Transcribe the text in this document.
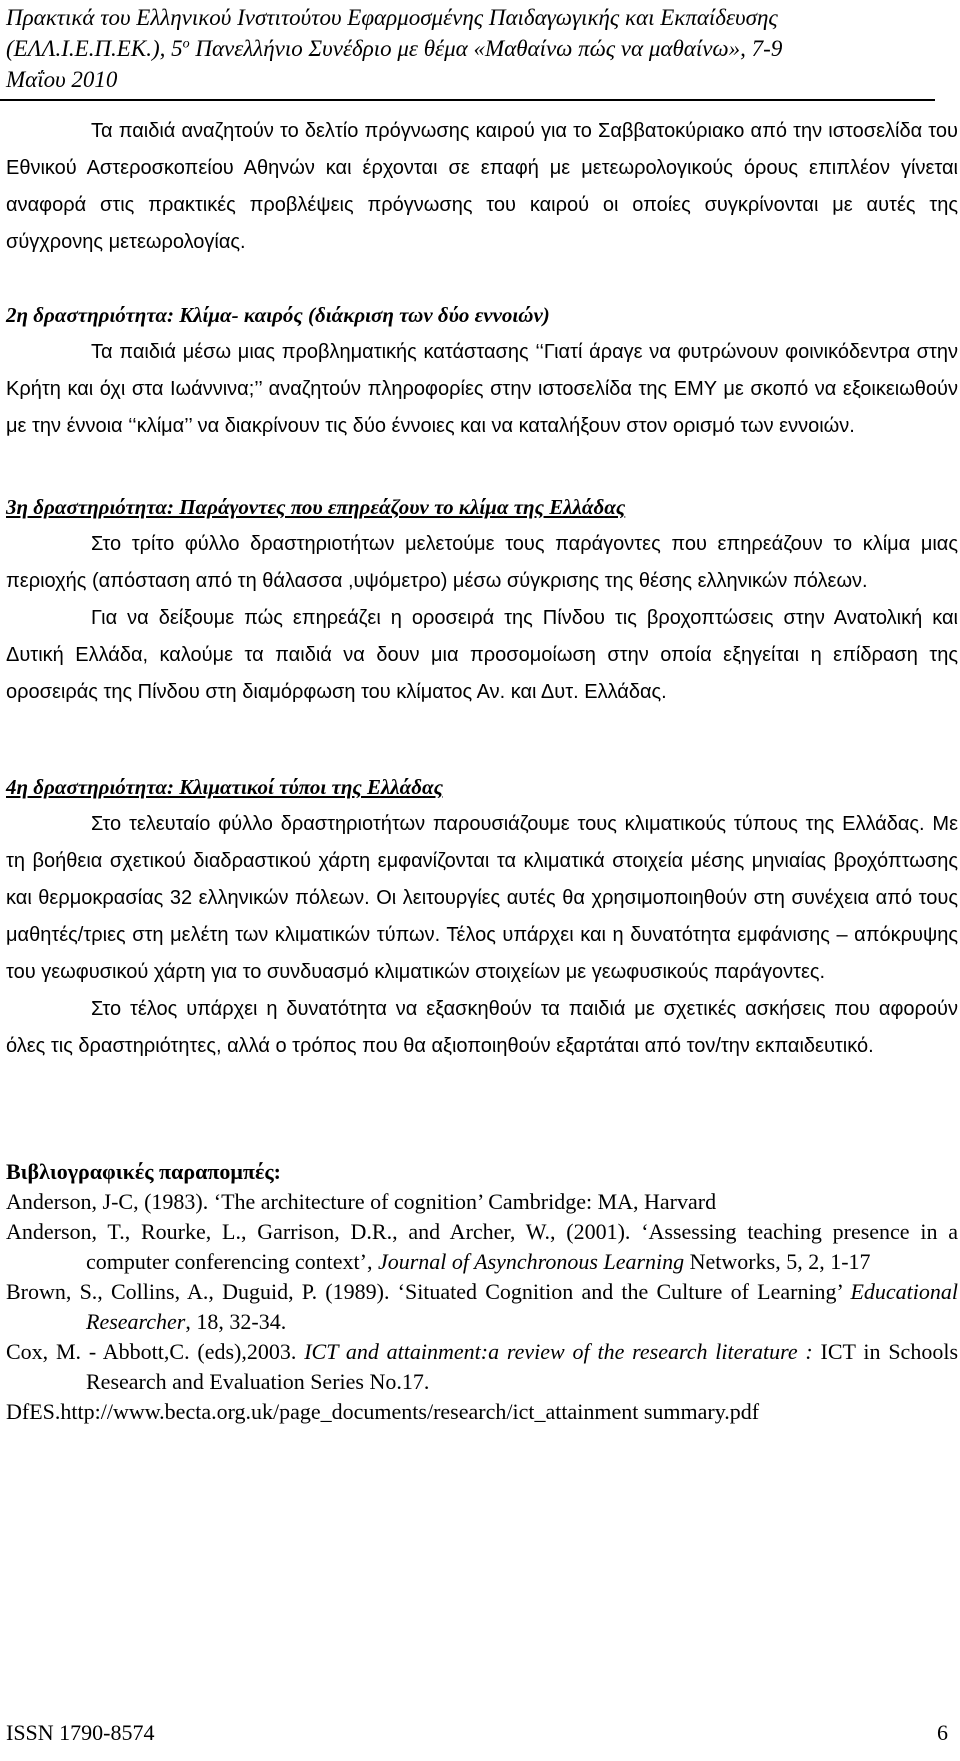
Πρακτικά του Ελληνικού Ινστιτούτου Εφαρμοσμένης Παιδαγωγικής και Εκπαίδευσης
(ΕΛΛ.Ι.Ε.Π.ΕΚ.), $5^o$ Πανελλήνιο Συνέδριο με θέμα «Μαθαίνω πώς να μαθαίνω», 7-9
Μαΐου 2010

Τα παιδιά αναζητούν το δελτίο πρόγνωσης καιρού για το Σαββατοκύριακο από την ιστοσελίδα του Εθνικού Αστεροσκοπείου Αθηνών και έρχονται σε επαφή με μετεωρολογικούς όρους επιπλέον γίνεται αναφορά στις πρακτικές προβλέψεις πρόγνωσης του καιρού οι οποίες συγκρίνονται με αυτές της σύγχρονης μετεωρολογίας.

2η δραστηριότητα: Κλίμα- καιρός (διάκριση των δύο εννοιών)

Τα παιδιά μέσω μιας προβληματικής κατάστασης ‘‘Γιατί άραγε να φυτρώνουν φοινικόδεντρα στην Κρήτη και όχι στα Ιωάννινα;’’ αναζητούν πληροφορίες στην ιστοσελίδα της ΕΜΥ με σκοπό να εξοικειωθούν με την έννοια ‘‘κλίμα’’ να διακρίνουν τις δύο έννοιες και να καταλήξουν στον ορισμό των εννοιών.

3η δραστηριότητα: Παράγοντες που επηρεάζουν το κλίμα της Ελλάδας

Στο τρίτο φύλλο δραστηριοτήτων μελετούμε τους παράγοντες που επηρεάζουν το κλίμα μιας περιοχής (απόσταση από τη θάλασσα ,υψόμετρο) μέσω σύγκρισης της θέσης ελληνικών πόλεων.

Για να δείξουμε πώς επηρεάζει η οροσειρά της Πίνδου τις βροχοπτώσεις στην Ανατολική και Δυτική Ελλάδα, καλούμε τα παιδιά να δουν μια προσομοίωση στην οποία εξηγείται η επίδραση της οροσειράς της Πίνδου στη διαμόρφωση του κλίματος Αν. και Δυτ. Ελλάδας.

4η δραστηριότητα: Κλιματικοί τύποι της Ελλάδας

Στο τελευταίο φύλλο δραστηριοτήτων παρουσιάζουμε τους κλιματικούς τύπους της Ελλάδας. Με τη βοήθεια σχετικού διαδραστικού χάρτη εμφανίζονται τα κλιματικά στοιχεία μέσης μηνιαίας βροχόπτωσης και θερμοκρασίας 32 ελληνικών πόλεων. Οι λειτουργίες αυτές θα χρησιμοποιηθούν στη συνέχεια από τους μαθητές/τριες στη μελέτη των κλιματικών τύπων. Τέλος υπάρχει και η δυνατότητα εμφάνισης – απόκρυψης του γεωφυσικού χάρτη για το συνδυασμό κλιματικών στοιχείων με γεωφυσικούς παράγοντες.

Στο τέλος υπάρχει η δυνατότητα να εξασκηθούν τα παιδιά με σχετικές ασκήσεις που αφορούν όλες τις δραστηριότητες, αλλά ο τρόπος που θα αξιοποιηθούν εξαρτάται από τον/την εκπαιδευτικό.

Βιβλιογραφικές παραπομπές:

Anderson, J-C, (1983). ‘The architecture of cognition’ Cambridge: MA, Harvard

Anderson, T., Rourke, L., Garrison, D.R., and Archer, W., (2001). ‘Assessing teaching presence in a computer conferencing context’, Journal of Asynchronous Learning Networks, 5, 2, 1-17

Brown, S., Collins, A., Duguid, P. (1989). ‘Situated Cognition and the Culture of Learning’ Educational Researcher, 18, 32-34.

Cox, M. - Abbott,C. (eds),2003. ICT and attainment:a review of the research literature : ICT in Schools Research and Evaluation Series No.17.

DfES.http://www.becta.org.uk/page_documents/research/ict_attainment summary.pdf

ISSN 1790-8574	6
